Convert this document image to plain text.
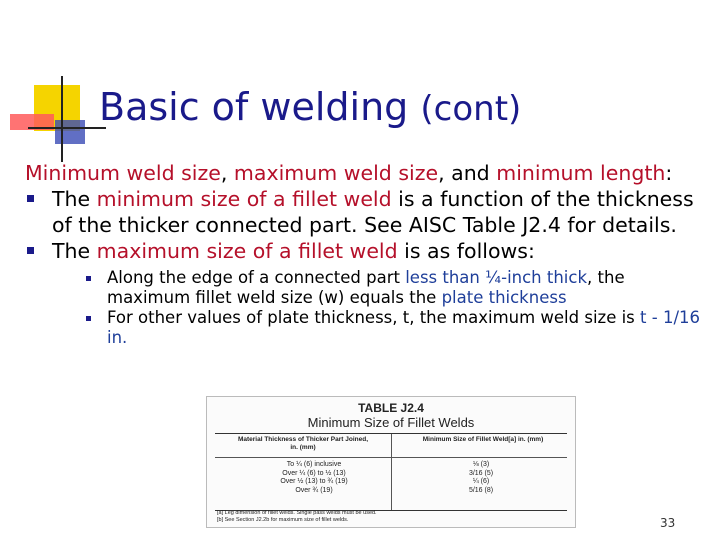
Basic of welding (cont)
Minimum weld size, maximum weld size, and minimum length:
The minimum size of a fillet weld is a function of the thickness of the thicker connected part. See AISC Table J2.4 for details.
The maximum size of a fillet weld is as follows:
Along the edge of a connected part less than ¼-inch thick, the maximum fillet weld size (w) equals the plate thickness
For other values of plate thickness, t, the maximum weld size is t - 1/16 in.
TABLE J2.4
Minimum Size of Fillet Welds
Material Thickness of Thicker Part Joined, in. (mm)
Minimum Size of Fillet Weld[a] in. (mm)
To ¼ (6) inclusive
Over ¼ (6) to ½ (13)
Over ½ (13) to ¾ (19)
Over ¾ (19)
⅛ (3)
3/16 (5)
¼ (6)
5/16 (8)
[a] Leg dimension of fillet welds. Single pass welds must be used.
[b] See Section J2.2b for maximum size of fillet welds.	33
